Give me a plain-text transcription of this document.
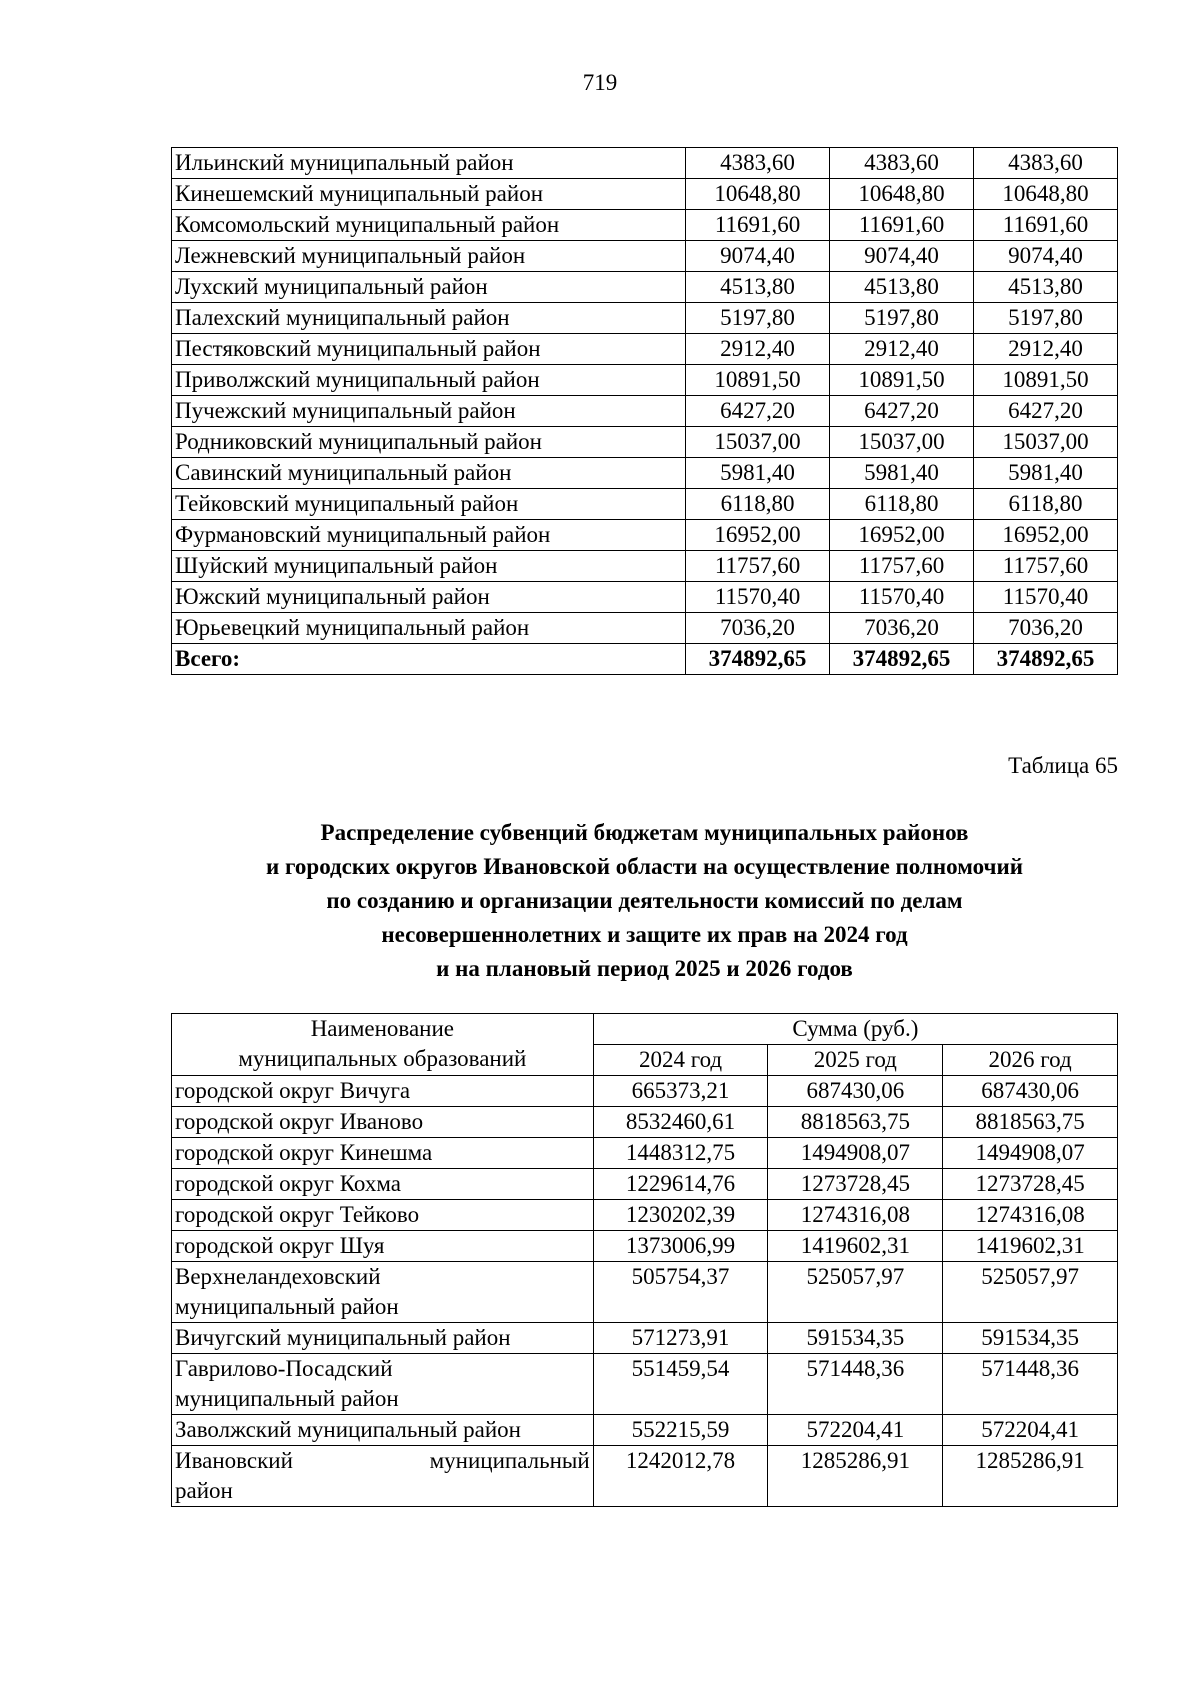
719
Ильинский муниципальный район	4383,60	4383,60	4383,60
Кинешемский муниципальный район	10648,80	10648,80	10648,80
Комсомольский муниципальный район	11691,60	11691,60	11691,60
Лежневский муниципальный район	9074,40	9074,40	9074,40
Лухский муниципальный район	4513,80	4513,80	4513,80
Палехский муниципальный район	5197,80	5197,80	5197,80
Пестяковский муниципальный район	2912,40	2912,40	2912,40
Приволжский муниципальный район	10891,50	10891,50	10891,50
Пучежский муниципальный район	6427,20	6427,20	6427,20
Родниковский муниципальный район	15037,00	15037,00	15037,00
Савинский муниципальный район	5981,40	5981,40	5981,40
Тейковский муниципальный район	6118,80	6118,80	6118,80
Фурмановский муниципальный район	16952,00	16952,00	16952,00
Шуйский муниципальный район	11757,60	11757,60	11757,60
Южский муниципальный район	11570,40	11570,40	11570,40
Юрьевецкий муниципальный район	7036,20	7036,20	7036,20
Всего:	374892,65	374892,65	374892,65
Таблица 65
Распределение субвенций бюджетам муниципальных районов
и городских округов Ивановской области на осуществление полномочий
по созданию и организации деятельности комиссий по делам
несовершеннолетних и защите их прав на 2024 год
и на плановый период 2025 и 2026 годов
Наименование
муниципальных образований	Сумма (руб.)		
	2024 год	2025 год	2026 год
городской округ Вичуга	665373,21	687430,06	687430,06
городской округ Иваново	8532460,61	8818563,75	8818563,75
городской округ Кинешма	1448312,75	1494908,07	1494908,07
городской округ Кохма	1229614,76	1273728,45	1273728,45
городской округ Тейково	1230202,39	1274316,08	1274316,08
городской округ Шуя	1373006,99	1419602,31	1419602,31

Верхнеландеховский
муниципальный район	505754,37	525057,97	525057,97
Вичугский муниципальный район	571273,91	591534,35	591534,35

Гаврилово-Посадский
муниципальный район	551459,54	571448,36	571448,36
Заволжский муниципальный район	552215,59	572204,41	572204,41

Ивановский муниципальный
район	1242012,78	1285286,91	1285286,91
